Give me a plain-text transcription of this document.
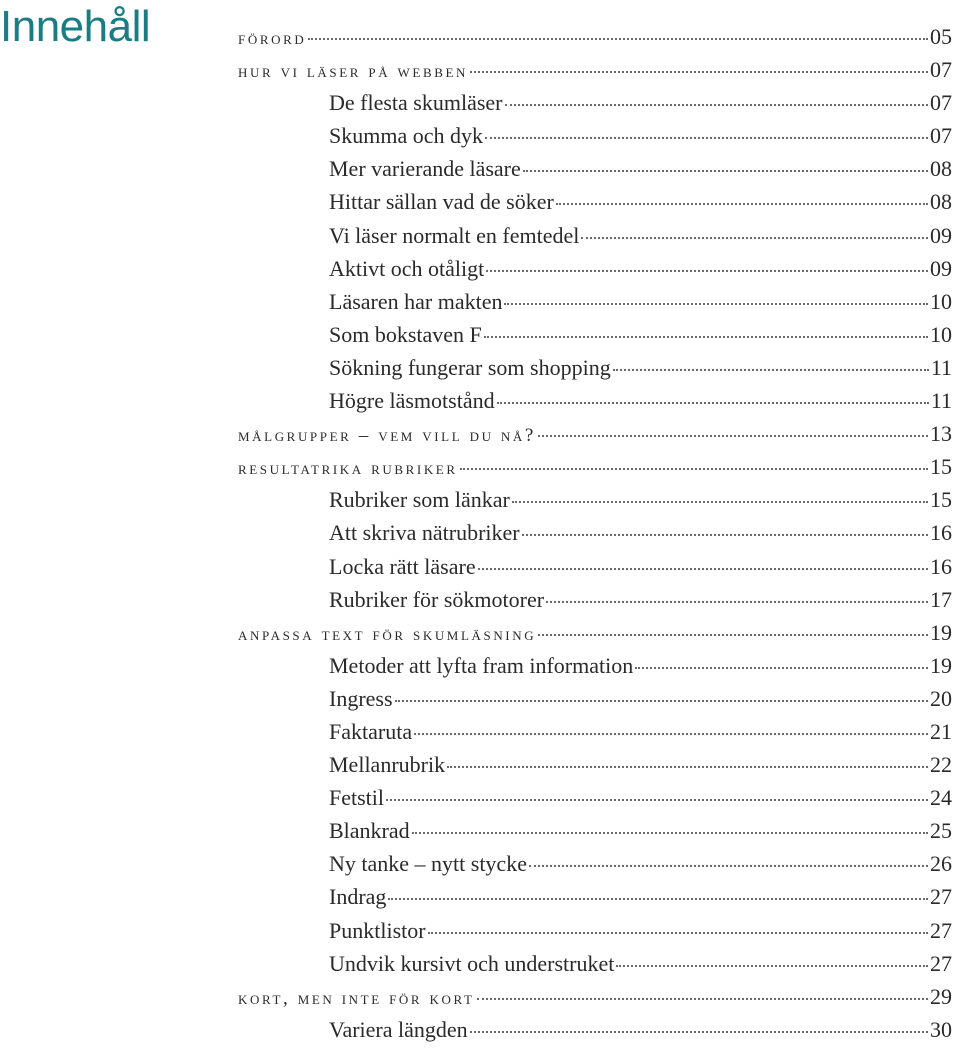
Innehåll	förord	05
hur vi läser på webben	07
De flesta skumläser	07
Skumma och dyk	07
Mer varierande läsare	08
Hittar sällan vad de söker	08
Vi läser normalt en femtedel	09
Aktivt och otåligt	09
Läsaren har makten	10
Som bokstaven F	10
Sökning fungerar som shopping	11
Högre läsmotstånd	11
målgrupper – vem vill du nå?	13
resultatrika rubriker	15
Rubriker som länkar	15
Att skriva nätrubriker	16
Locka rätt läsare	16
Rubriker för sökmotorer	17
anpassa text för skumläsning	19
Metoder att lyfta fram information	19
Ingress	20
Faktaruta	21
Mellanrubrik	22
Fetstil	24
Blankrad	25
Ny tanke – nytt stycke	26
Indrag	27
Punktlistor	27
Undvik kursivt och understruket	27
kort, men inte för kort	29
Variera längden	30
